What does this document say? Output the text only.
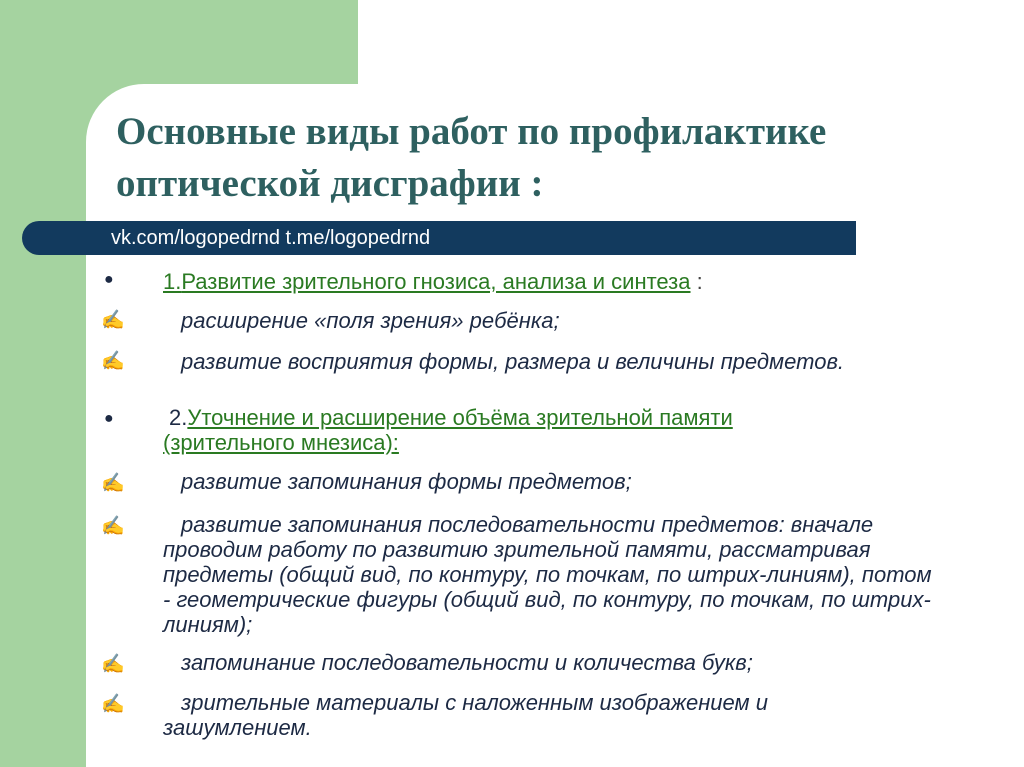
Основные виды работ по профилактике
оптической дисграфии :
vk.com/logopedrnd t.me/logopedrnd
● 1.Развитие зрительного гнозиса, анализа и синтеза :
✍	расширение «поля зрения» ребёнка;
✍	развитие восприятия формы, размера и величины предметов.
●	2.Уточнение и расширение объёма зрительной памяти (зрительного мнезиса):
✍	развитие запоминания формы предметов;
✍	развитие запоминания последовательности предметов: вначале проводим работу по развитию зрительной памяти, рассматривая предметы (общий вид, по контуру, по точкам, по штрих-линиям), потом - геометрические фигуры (общий вид, по контуру, по точкам, по штрих-линиям);
✍	запоминание последовательности и количества букв;
✍	зрительные материалы с наложенным изображением и зашумлением.
